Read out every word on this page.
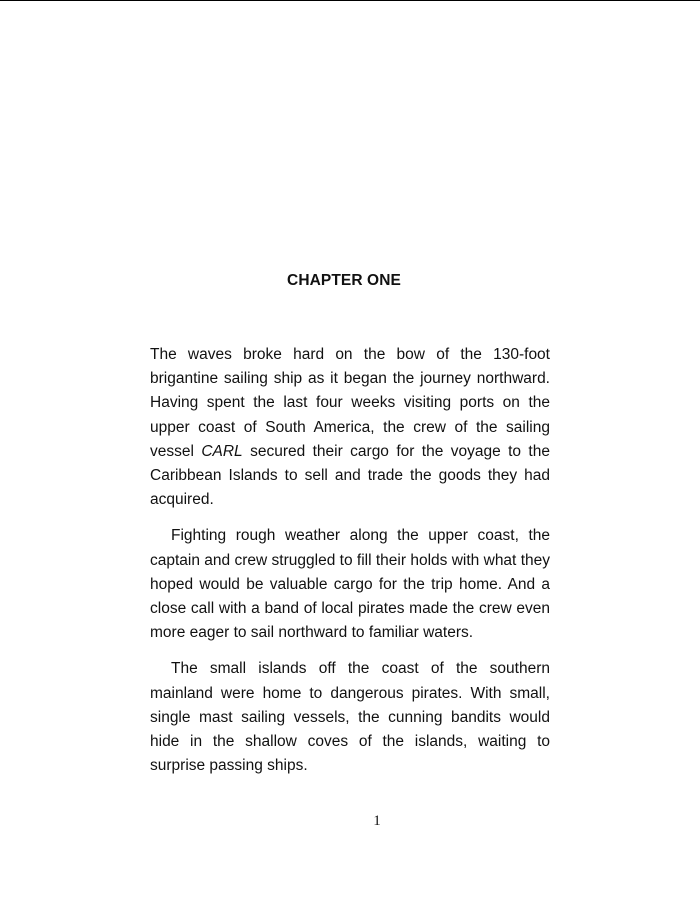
CHAPTER ONE

The waves broke hard on the bow of the 130-foot brigantine sailing ship as it began the journey northward. Having spent the last four weeks visiting ports on the upper coast of South America, the crew of the sailing vessel CARL secured their cargo for the voyage to the Caribbean Islands to sell and trade the goods they had acquired.

Fighting rough weather along the upper coast, the captain and crew struggled to fill their holds with what they hoped would be valuable cargo for the trip home. And a close call with a band of local pirates made the crew even more eager to sail northward to familiar waters.

The small islands off the coast of the southern mainland were home to dangerous pirates. With small, single mast sailing vessels, the cunning bandits would hide in the shallow coves of the islands, waiting to surprise passing ships.

1
